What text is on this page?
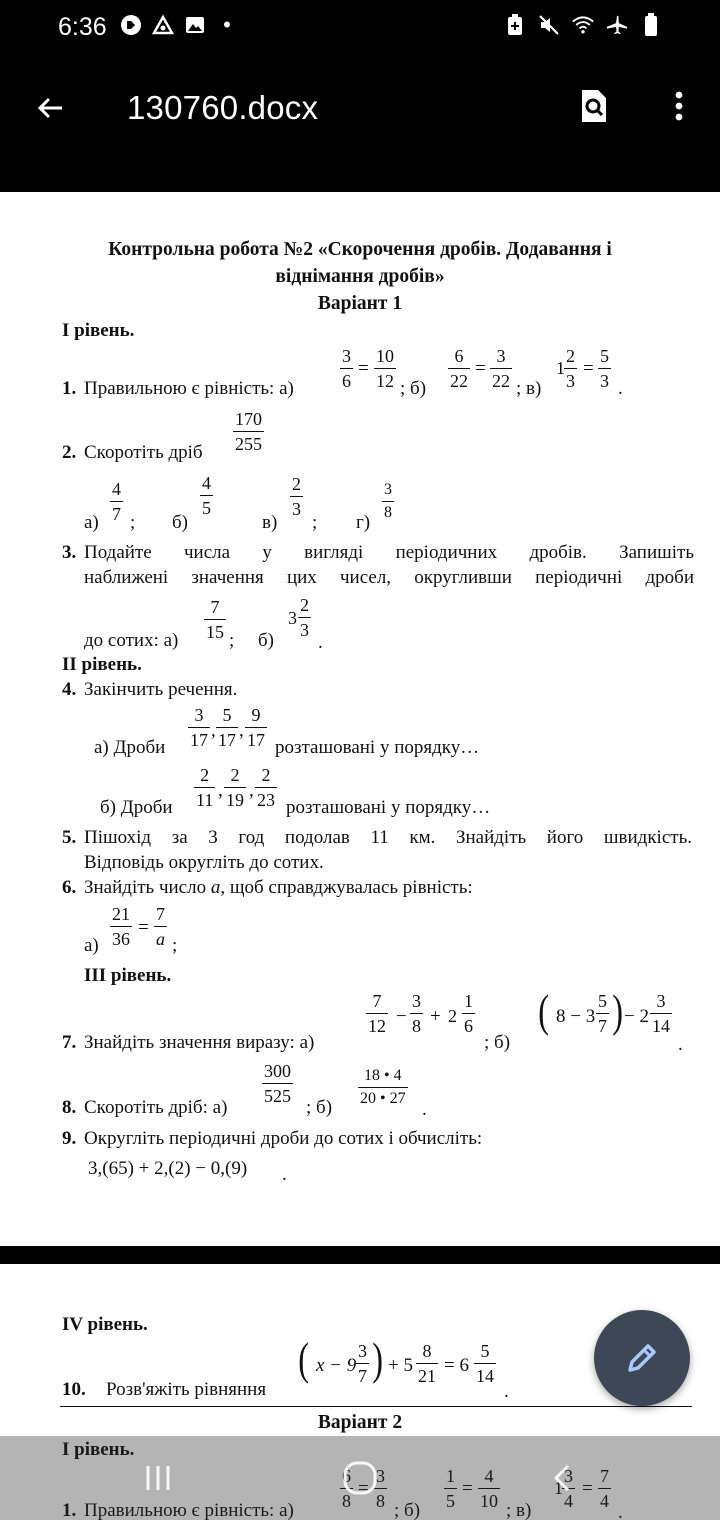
6:36	•
130760.docx
Контрольна робота №2 «Скорочення дробів. Додавання і
віднімання дробів»
Варіант 1
І рівень.
1. Правильною є рівність: а)	$\frac{3}{6} = \frac{10}{12}$ ; $б) \frac{6}{22} = \frac{3}{22}$ ; в)
$1 \frac{2}{3} = \frac{5}{3}$ .
$\frac{170}{255}$
2. Скоротіть дріб
$а) \frac{4}{7}$ ; б)
$\frac{4}{5}$
в)
$\frac{2}{3}$
; г)
$\frac{3}{8}$
3. Подайте числа у вигляді періодичних дробів. Запишіть
наближені значення цих чисел, округливши періодичні дроби
до сотих: $а) \frac{7}{15}$ ; б)
$3 \frac{2}{3}$
.
ІІ рівень.
4. Закінчить речення.
а) Дроби $\frac{3}{17}$ , $\frac{5}{17}$ , $\frac{9}{17}$ розташовані у порядку…
б) Дроби $\frac{2}{11}$ , $\frac{2}{19}$ , $\frac{2}{23}$ розташовані у порядку…
5. Пішохід за 3 год подолав 11 км. Знайдіть його швидкість.
Відповідь округліть до сотих.
6. Знайдіть число a, щоб справджувалась рівність:
$а) \frac{21}{36} = \frac{7}{a}$ ;
ІІІ рівень.
7. Знайдіть значення виразу: а)
$\frac{7}{12} - \frac{3}{8} + 2 \frac{1}{6}$
; б)
( $8 - 3 \frac{5}{7}$ ) − $2 \frac{3}{14}$
.
8. Скоротіть дріб: а)
$\frac{300}{525}$
; б)
$\frac{18 • 4}{20 • 27}$
.
9. Округліть періодичні дроби до сотих і обчисліть:
3,(65) + 2,(2) − 0,(9) .
ІV рівень.
10. Розв'яжіть рівняння
( $x - 9 \frac{3}{7}$ ) + $5 \frac{8}{21} = 6 \frac{5}{14}$
.
Варіант 2
І рівень.
1. Правильною є рівність: а)
$\frac{6}{8} = \frac{3}{8}$
; б)
$\frac{1}{5} = \frac{4}{10}$
; в)
$1 \frac{3}{4} = \frac{7}{4}$
.
